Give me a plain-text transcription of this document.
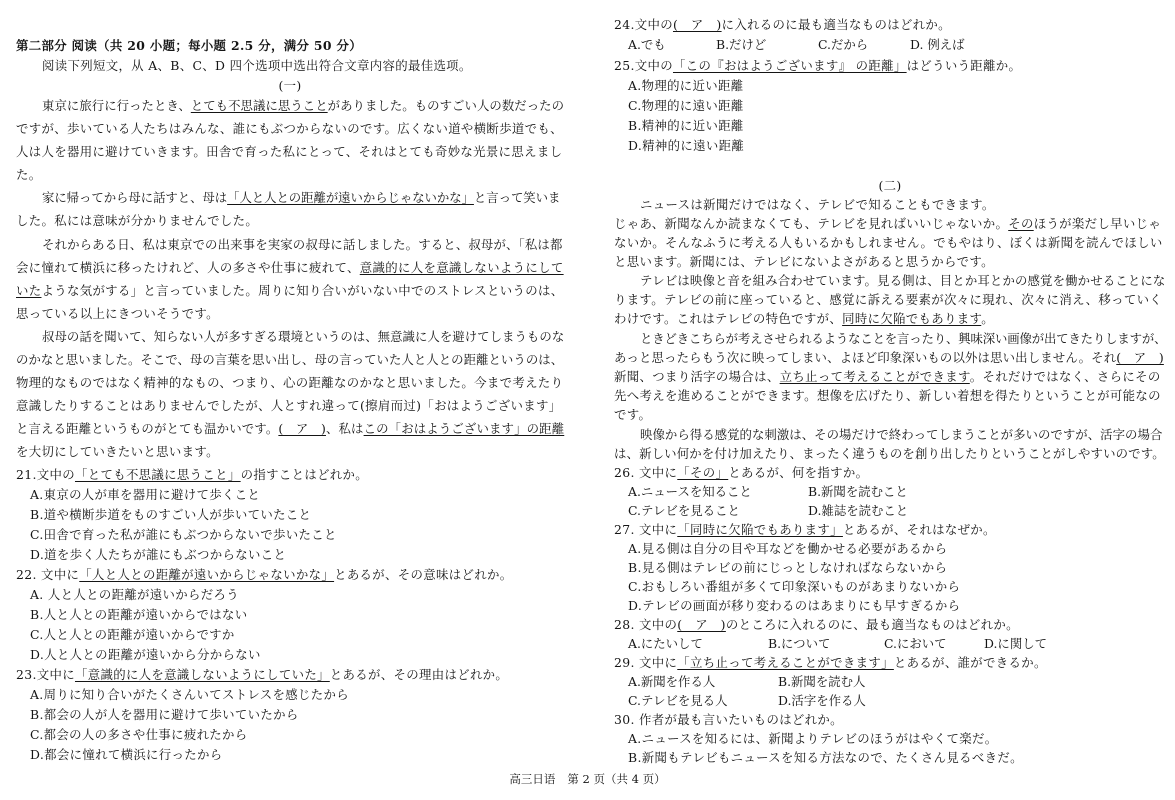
第二部分 阅读（共 20 小题；每小题 2.5 分，满分 50 分）
阅读下列短文，从 A、B、C、D 四个选项中选出符合文章内容的最佳选项。
(一)
東京に旅行に行ったとき、とても不思議に思うことがありました。ものすごい人の数だったの
ですが、歩いている人たちはみんな、誰にもぶつからないのです。広くない道や横断歩道でも、
人は人を器用に避けていきます。田舎で育った私にとって、それはとても奇妙な光景に思えまし
た。
家に帰ってから母に話すと、母は「人と人との距離が遠いからじゃないかな」と言って笑いま
した。私には意味が分かりませんでした。
それからある日、私は東京での出来事を実家の叔母に話しました。すると、叔母が、「私は都
会に憧れて横浜に移ったけれど、人の多さや仕事に疲れて、意識的に人を意識しないようにして
いたような気がする」と言っていました。周りに知り合いがいない中でのストレスというのは、
思っている以上にきついそうです。
叔母の話を聞いて、知らない人が多すぎる環境というのは、無意識に人を避けてしまうものな
のかなと思いました。そこで、母の言葉を思い出し、母の言っていた人と人との距離というのは、
物理的なものではなく精神的なもの、つまり、心の距離なのかなと思いました。今まで考えたり
意識したりすることはありませんでしたが、人とすれ違って(擦肩而过)「おはようございます」
と言える距離というものがとても温かいです。(　ア　)、私はこの「おはようございます」の距離
を大切にしていきたいと思います。
21.文中の「とても不思議に思うこと」の指すことはどれか。
A.東京の人が車を器用に避けて歩くこと
B.道や横断歩道をものすごい人が歩いていたこと
C.田舎で育った私が誰にもぶつからないで歩いたこと
D.道を歩く人たちが誰にもぶつからないこと
22. 文中に「人と人との距離が遠いからじゃないかな」とあるが、その意味はどれか。
A. 人と人との距離が遠いからだろう
B.人と人との距離が遠いからではない
C.人と人との距離が遠いからですか
D.人と人との距離が遠いから分からない
23.文中に「意識的に人を意識しないようにしていた」とあるが、その理由はどれか。
A.周りに知り合いがたくさんいてストレスを感じたから
B.都会の人が人を器用に避けて歩いていたから
C.都会の人の多さや仕事に疲れたから
D.都会に憧れて横浜に行ったから
24.文中の(　ア　)に入れるのに最も適当なものはどれか。
A.でも	B.だけど	C.だから	D. 例えば
25.文中の「この『おはようございます』 の距離」はどういう距離か。
A.物理的に近い距離
C.物理的に遠い距離
B.精神的に近い距離
D.精神的に遠い距離
(二)
ニュースは新聞だけではなく、テレビで知ることもできます。
じゃあ、新聞なんか読まなくても、テレビを見ればいいじゃないか。そのほうが楽だし早いじゃ
ないか。そんなふうに考える人もいるかもしれません。でもやはり、ぼくは新聞を読んでほしい
と思います。新聞には、テレビにないよさがあると思うからです。
テレビは映像と音を組み合わせています。見る側は、目とか耳とかの感覚を働かせることにな
ります。テレビの前に座っていると、感覚に訴える要素が次々に現れ、次々に消え、移っていく
わけです。これはテレビの特色ですが、同時に欠陥でもあります。
ときどきこちらが考えさせられるようなことを言ったり、興味深い画像が出てきたりしますが、
あっと思ったらもう次に映ってしまい、よほど印象深いもの以外は思い出しません。それ(　ア　)
新聞、つまり活字の場合は、立ち止って考えることができます。それだけではなく、さらにその
先へ考えを進めることができます。想像を広げたり、新しい着想を得たりということが可能なの
です。
映像から得る感覚的な刺激は、その場だけで終わってしまうことが多いのですが、活字の場合
は、新しい何かを付け加えたり、まったく違うものを創り出したりということがしやすいのです。
26. 文中に「その」とあるが、何を指すか。
A.ニュースを知ること	B.新聞を読むこと
C.テレビを見ること	D.雑誌を読むこと
27. 文中に「同時に欠陥でもあります」とあるが、それはなぜか。
A.見る側は自分の目や耳などを働かせる必要があるから
B.見る側はテレビの前にじっとしなければならないから
C.おもしろい番組が多くて印象深いものがあまりないから
D.テレビの画面が移り変わるのはあまりにも早すぎるから
28. 文中の(　ア　)のところに入れるのに、最も適当なものはどれか。
A.にたいして	B.について	C.において	D.に関して
29. 文中に「立ち止って考えることができます」とあるが、誰ができるか。
A.新聞を作る人	B.新聞を読む人
C.テレビを見る人	D.活字を作る人
30. 作者が最も言いたいものはどれか。
A.ニュースを知るには、新聞よりテレビのほうがはやくて楽だ。
B.新聞もテレビもニュースを知る方法なので、たくさん見るべきだ。
高三日语 第 2 页（共 4 页）
